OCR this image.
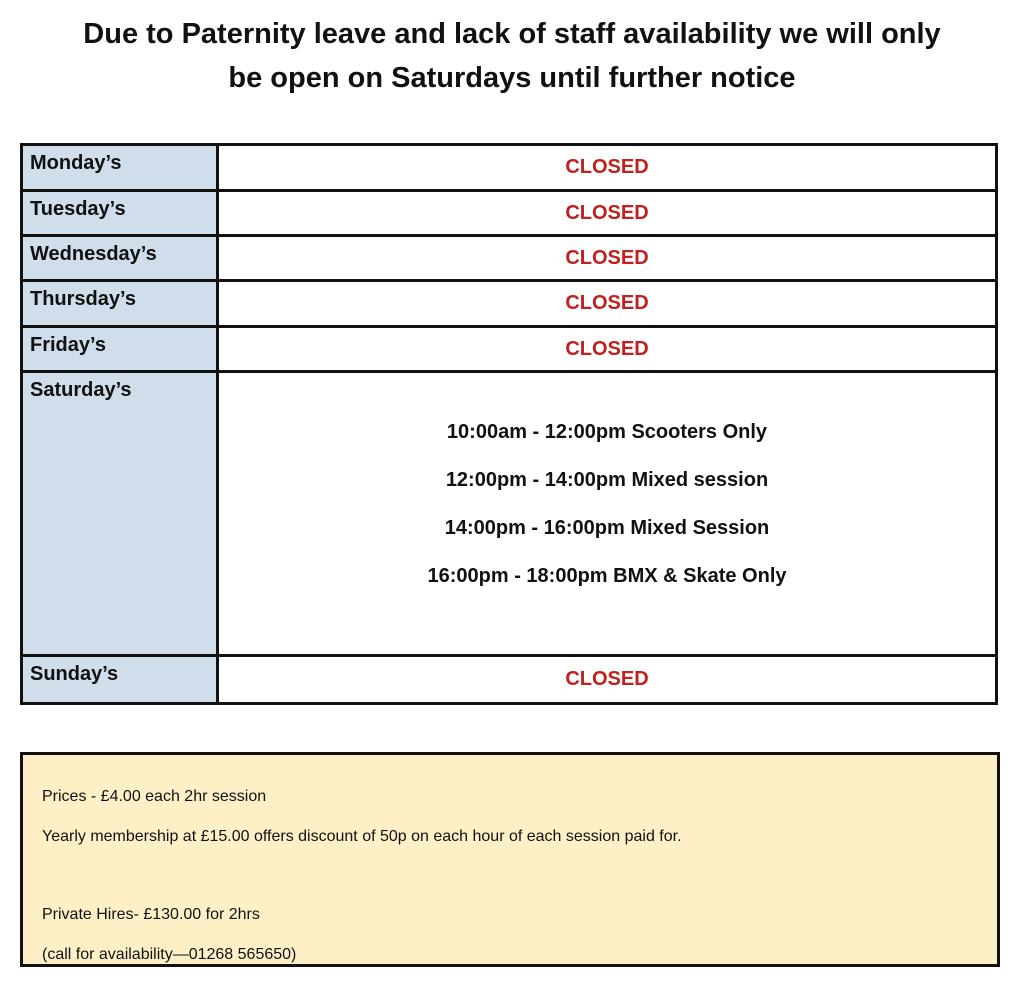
Due to Paternity leave and lack of staff availability we will only
be open on Saturdays until further notice
Monday’s	CLOSED
Tuesday’s	CLOSED
Wednesday’s	CLOSED
Thursday’s	CLOSED
Friday’s	CLOSED
Saturday’s
10:00am - 12:00pm Scooters Only
12:00pm - 14:00pm Mixed session
14:00pm - 16:00pm Mixed Session
16:00pm - 18:00pm BMX & Skate Only
Sunday’s	CLOSED
Prices - £4.00 each 2hr session
Yearly membership at £15.00 offers discount of 50p on each hour of each session paid for.
Private Hires- £130.00 for 2hrs
(call for availability—01268 565650)
